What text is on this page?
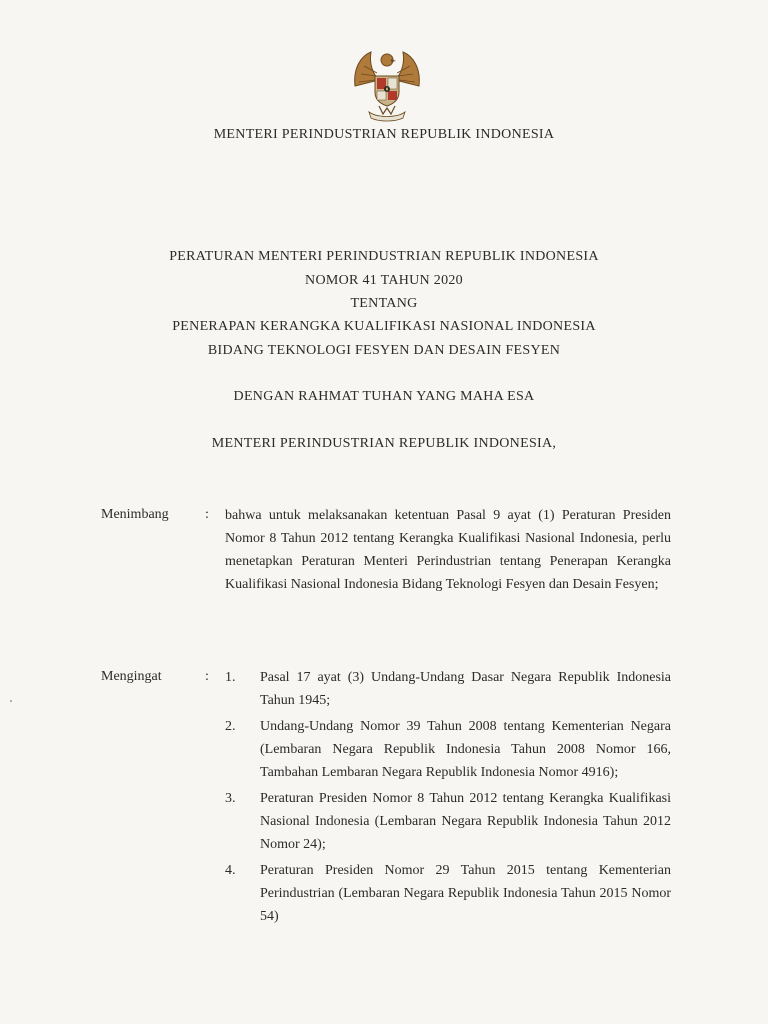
MENTERI PERINDUSTRIAN REPUBLIK INDONESIA
PERATURAN MENTERI PERINDUSTRIAN REPUBLIK INDONESIA
NOMOR 41 TAHUN 2020
TENTANG
PENERAPAN KERANGKA KUALIFIKASI NASIONAL INDONESIA
BIDANG TEKNOLOGI FESYEN DAN DESAIN FESYEN
DENGAN RAHMAT TUHAN YANG MAHA ESA
MENTERI PERINDUSTRIAN REPUBLIK INDONESIA,
Menimbang	: bahwa untuk melaksanakan ketentuan Pasal 9 ayat (1) Peraturan Presiden Nomor 8 Tahun 2012 tentang Kerangka Kualifikasi Nasional Indonesia, perlu menetapkan Peraturan Menteri Perindustrian tentang Penerapan Kerangka Kualifikasi Nasional Indonesia Bidang Teknologi Fesyen dan Desain Fesyen;
Mengingat	: 1. Pasal 17 ayat (3) Undang-Undang Dasar Negara Republik Indonesia Tahun 1945;
2. Undang-Undang Nomor 39 Tahun 2008 tentang Kementerian Negara (Lembaran Negara Republik Indonesia Tahun 2008 Nomor 166, Tambahan Lembaran Negara Republik Indonesia Nomor 4916);
3. Peraturan Presiden Nomor 8 Tahun 2012 tentang Kerangka Kualifikasi Nasional Indonesia (Lembaran Negara Republik Indonesia Tahun 2012 Nomor 24);
4. Peraturan Presiden Nomor 29 Tahun 2015 tentang Kementerian Perindustrian (Lembaran Negara Republik Indonesia Tahun 2015 Nomor 54)
